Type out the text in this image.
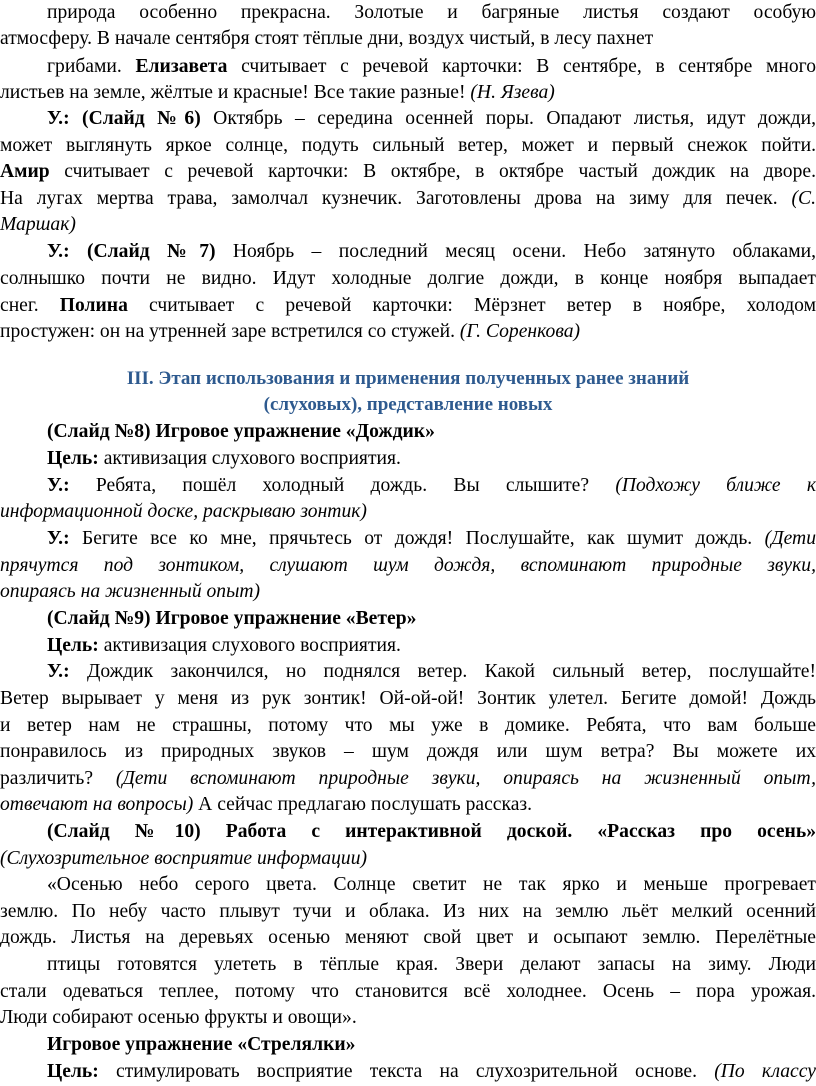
природа особенно прекрасна. Золотые и багряные листья создают особую
атмосферу. В начале сентября стоят тёплые дни, воздух чистый, в лесу пахнет
грибами. Елизавета считывает с речевой карточки: В сентябре, в сентябре много
листьев на земле, жёлтые и красные! Все такие разные! (Н. Язева)
У.: (Слайд №6) Октябрь – середина осенней поры. Опадают листья, идут дожди,
может выглянуть яркое солнце, подуть сильный ветер, может и первый снежок пойти.
Амир считывает с речевой карточки: В октябре, в октябре частый дождик на дворе.
На лугах мертва трава, замолчал кузнечик. Заготовлены дрова на зиму для печек. (С.
Маршак)
У.: (Слайд №7) Ноябрь – последний месяц осени. Небо затянуто облаками,
солнышко почти не видно. Идут холодные долгие дожди, в конце ноября выпадает
снег. Полина считывает с речевой карточки: Мёрзнет ветер в ноябре, холодом
простужен: он на утренней заре встретился со стужей. (Г. Соренкова)
III. Этап использования и применения полученных ранее знаний
(слуховых), представление новых
(Слайд №8) Игровое упражнение «Дождик»
Цель: активизация слухового восприятия.
У.: Ребята, пошёл холодный дождь. Вы слышите? (Подхожу ближе к
информационной доске, раскрываю зонтик)
У.: Бегите все ко мне, прячьтесь от дождя! Послушайте, как шумит дождь. (Дети
прячутся под зонтиком, слушают шум дождя, вспоминают природные звуки,
опираясь на жизненный опыт)
(Слайд №9) Игровое упражнение «Ветер»
Цель: активизация слухового восприятия.
У.: Дождик закончился, но поднялся ветер. Какой сильный ветер, послушайте!
Ветер вырывает у меня из рук зонтик! Ой-ой-ой! Зонтик улетел. Бегите домой! Дождь
и ветер нам не страшны, потому что мы уже в домике. Ребята, что вам больше
понравилось из природных звуков – шум дождя или шум ветра? Вы можете их
различить? (Дети вспоминают природные звуки, опираясь на жизненный опыт,
отвечают на вопросы) А сейчас предлагаю послушать рассказ.
(Слайд №10) Работа с интерактивной доской. «Рассказ про осень»
(Слухозрительное восприятие информации)
«Осенью небо серого цвета. Солнце светит не так ярко и меньше прогревает
землю. По небу часто плывут тучи и облака. Из них на землю льёт мелкий осенний
дождь. Листья на деревьях осенью меняют свой цвет и осыпают землю. Перелётные
птицы готовятся улететь в тёплые края. Звери делают запасы на зиму. Люди
стали одеваться теплее, потому что становится всё холоднее. Осень – пора урожая.
Люди собирают осенью фрукты и овощи».
Игровое упражнение «Стрелялки»
Цель: стимулировать восприятие текста на слухозрительной основе. (По классу
